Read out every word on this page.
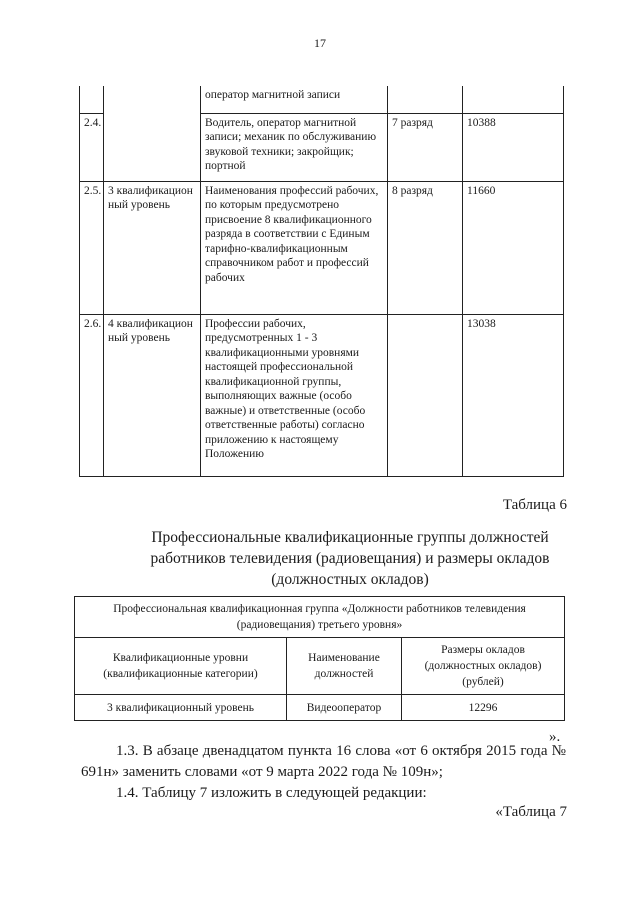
17
		оператор магнитной записи		
2.4.		Водитель, оператор магнитной записи; механик по обслуживанию звуковой техники; закройщик; портной	7 разряд	10388
2.5.	3 квалификацион ный уровень	Наименования профессий рабочих, по которым предусмотрено присвоение 8 квалификационного разряда в соответствии с Единым тарифно-квалификационным справочником работ и профессий рабочих	8 разряд	11660
2.6.	4 квалификацион ный уровень	Профессии рабочих, предусмотренных 1 - 3 квалификационными уровнями настоящей профессиональной квалификационной группы, выполняющих важные (особо важные) и ответственные (особо ответственные работы) согласно приложению к настоящему Положению		13038
Таблица 6
Профессиональные квалификационные группы должностей
работников телевидения (радиовещания) и размеры окладов
(должностных окладов)
Профессиональная квалификационная группа «Должности работников телевидения (радиовещания) третьего уровня»		
Квалификационные уровни (квалификационные категории)	Наименование должностей	Размеры окладов (должностных окладов) (рублей)
3 квалификационный уровень	Видеооператор	12296
».
1.3. В абзаце двенадцатом пункта 16 слова «от 6 октября 2015 года № 691н» заменить словами «от 9 марта 2022 года № 109н»;
1.4. Таблицу 7 изложить в следующей редакции:
«Таблица 7
